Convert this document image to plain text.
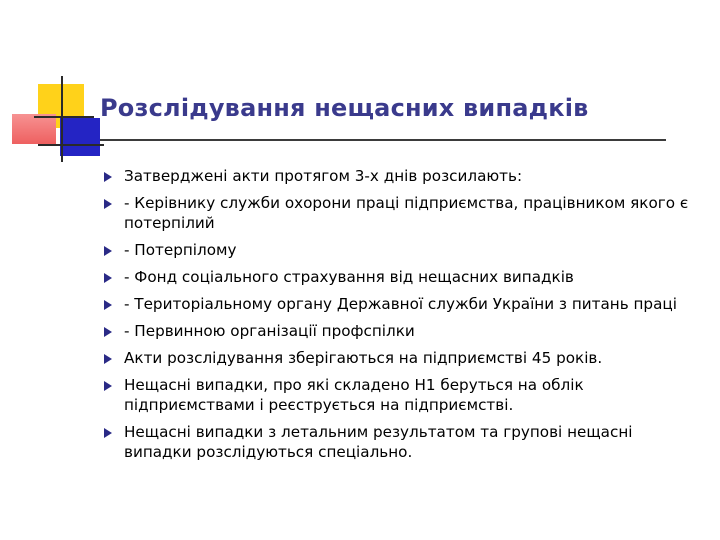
Розслідування нещасних випадків
Затверджені акти протягом 3-х днів розсилають:
- Керівнику служби охорони праці підприємства, працівником якого є потерпілий
- Потерпілому
- Фонд соціального страхування від нещасних випадків
- Територіальному органу Державної служби України з питань праці
- Первинною організації профспілки
Акти розслідування зберігаються на підприємстві 45 років.
Нещасні випадки, про які складено Н1 беруться на облік підприємствами і реєструється на підприємстві.
Нещасні випадки з летальним результатом та групові нещасні випадки розслідуються спеціально.
